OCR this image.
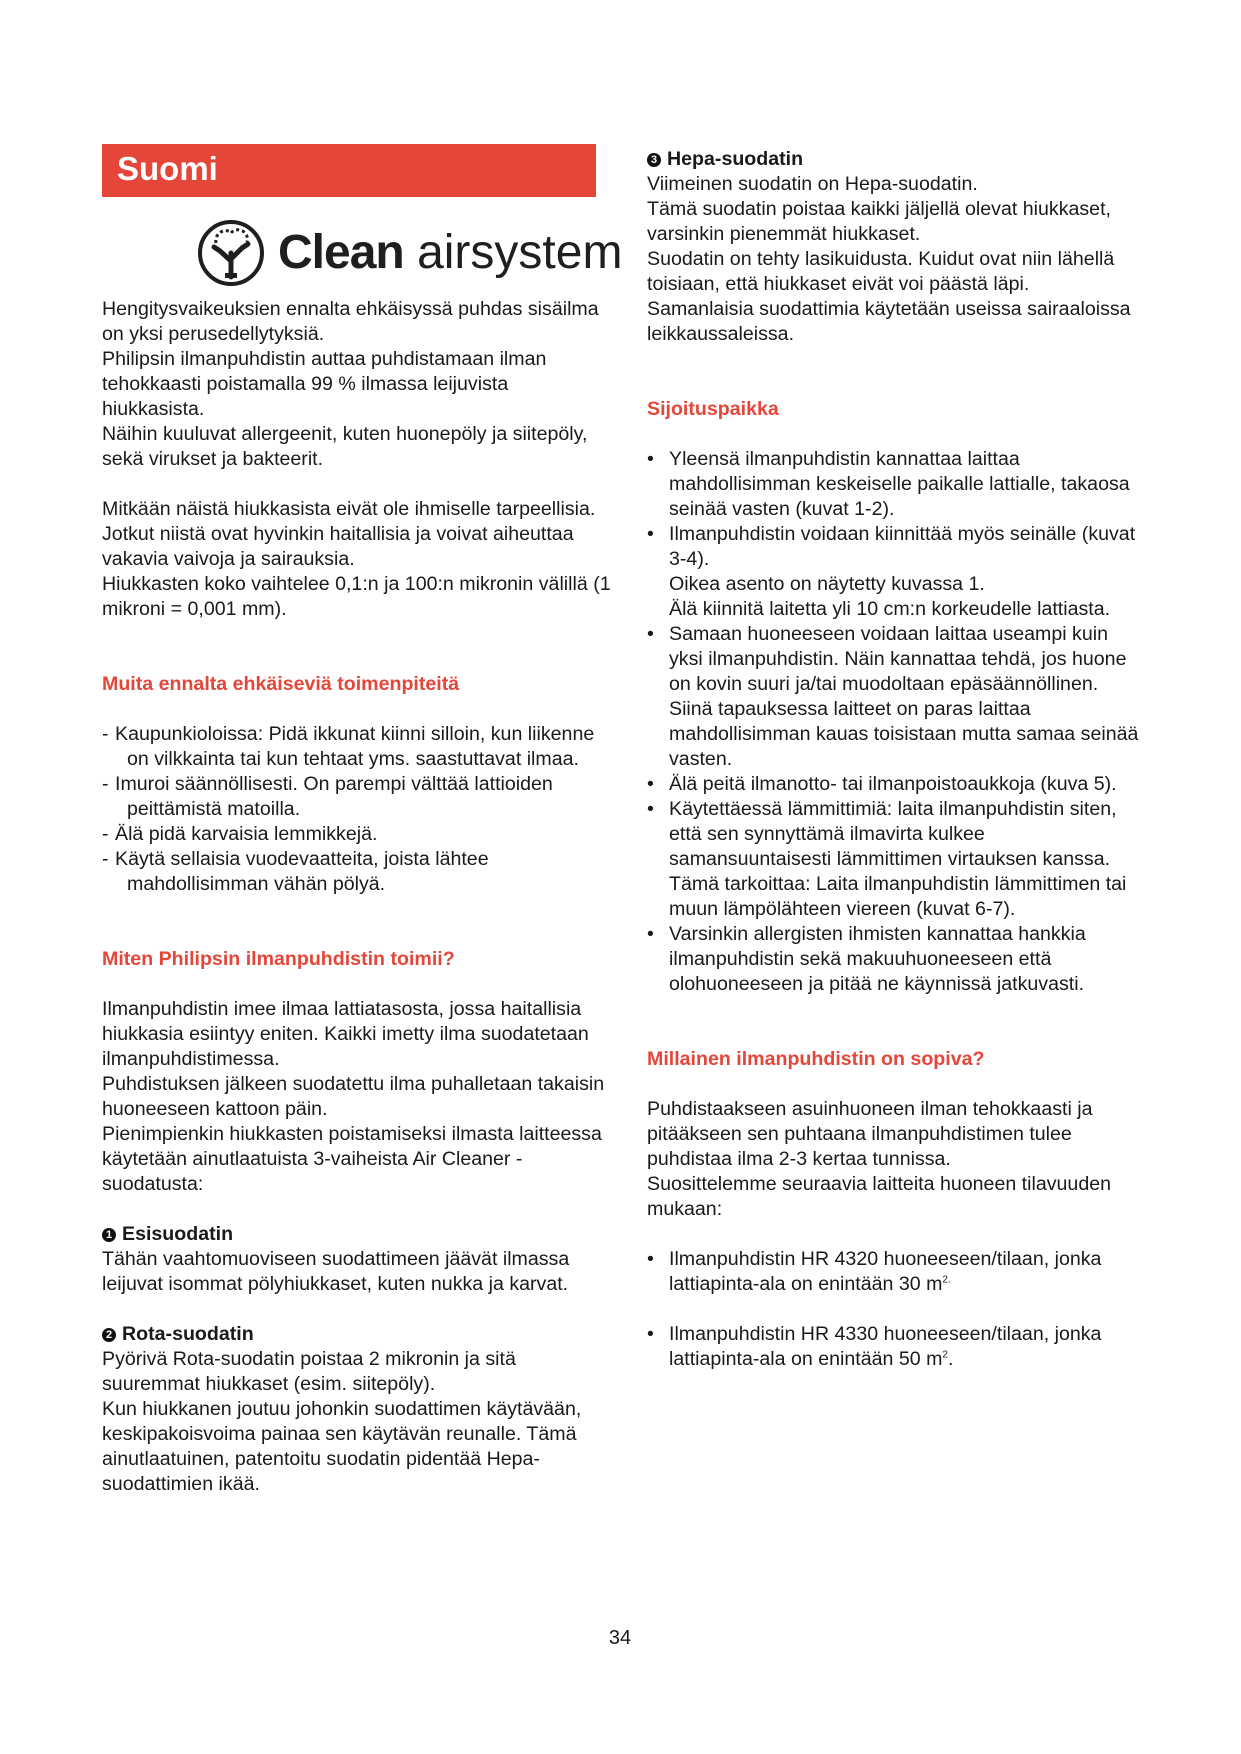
Suomi
Clean airsystem

Hengitysvaikeuksien ennalta ehkäisyssä puhdas sisäilma on yksi perusedellytyksiä.

Philipsin ilmanpuhdistin auttaa puhdistamaan ilman tehokkaasti poistamalla 99 % ilmassa leijuvista hiukkasista.

Näihin kuuluvat allergeenit, kuten huonepöly ja siitepöly, sekä virukset ja bakteerit.

Mitkään näistä hiukkasista eivät ole ihmiselle tarpeellisia.

Jotkut niistä ovat hyvinkin haitallisia ja voivat aiheuttaa vakavia vaivoja ja sairauksia.

Hiukkasten koko vaihtelee 0,1:n ja 100:n mikronin välillä (1 mikroni = 0,001 mm).

Muita ennalta ehkäiseviä toimenpiteitä

- Kaupunkioloissa: Pidä ikkunat kiinni silloin, kun liikenne on vilkkainta tai kun tehtaat yms. saastuttavat ilmaa.
- Imuroi säännöllisesti. On parempi välttää lattioiden peittämistä matoilla.
- Älä pidä karvaisia lemmikkejä.
- Käytä sellaisia vuodevaatteita, joista lähtee mahdollisimman vähän pölyä.

Miten Philipsin ilmanpuhdistin toimii?

Ilmanpuhdistin imee ilmaa lattiatasosta, jossa haitallisia hiukkasia esiintyy eniten. Kaikki imetty ilma suodatetaan ilmanpuhdistimessa.

Puhdistuksen jälkeen suodatettu ilma puhalletaan takaisin huoneeseen kattoon päin.

Pienimpienkin hiukkasten poistamiseksi ilmasta laitteessa käytetään ainutlaatuista 3-vaiheista Air Cleaner -suodatusta:

1 Esisuodatin

Tähän vaahtomuoviseen suodattimeen jäävät ilmassa leijuvat isommat pölyhiukkaset, kuten nukka ja karvat.

2 Rota-suodatin

Pyörivä Rota-suodatin poistaa 2 mikronin ja sitä suuremmat hiukkaset (esim. siitepöly).

Kun hiukkanen joutuu johonkin suodattimen käytävään, keskipakoisvoima painaa sen käytävän reunalle. Tämä ainutlaatuinen, patentoitu suodatin pidentää Hepa-suodattimien ikää.

3 Hepa-suodatin

Viimeinen suodatin on Hepa-suodatin.

Tämä suodatin poistaa kaikki jäljellä olevat hiukkaset, varsinkin pienemmät hiukkaset.

Suodatin on tehty lasikuidusta. Kuidut ovat niin lähellä toisiaan, että hiukkaset eivät voi päästä läpi.

Samanlaisia suodattimia käytetään useissa sairaaloissa leikkaussaleissa.

Sijoituspaikka

• Yleensä ilmanpuhdistin kannattaa laittaa mahdollisimman keskeiselle paikalle lattialle, takaosa seinää vasten (kuvat 1-2).
• Ilmanpuhdistin voidaan kiinnittää myös seinälle (kuvat 3-4).
Oikea asento on näytetty kuvassa 1.
Älä kiinnitä laitetta yli 10 cm:n korkeudelle lattiasta.
• Samaan huoneeseen voidaan laittaa useampi kuin yksi ilmanpuhdistin. Näin kannattaa tehdä, jos huone on kovin suuri ja/tai muodoltaan epäsäännöllinen.
Siinä tapauksessa laitteet on paras laittaa mahdollisimman kauas toisistaan mutta samaa seinää vasten.
• Älä peitä ilmanotto- tai ilmanpoistoaukkoja (kuva 5).
• Käytettäessä lämmittimiä: laita ilmanpuhdistin siten, että sen synnyttämä ilmavirta kulkee samansuuntaisesti lämmittimen virtauksen kanssa.
Tämä tarkoittaa: Laita ilmanpuhdistin lämmittimen tai muun lämpölähteen viereen (kuvat 6-7).
• Varsinkin allergisten ihmisten kannattaa hankkia ilmanpuhdistin sekä makuuhuoneeseen että olohuoneeseen ja pitää ne käynnissä jatkuvasti.

Millainen ilmanpuhdistin on sopiva?

Puhdistaakseen asuinhuoneen ilman tehokkaasti ja pitääkseen sen puhtaana ilmanpuhdistimen tulee puhdistaa ilma 2-3 kertaa tunnissa.

Suosittelemme seuraavia laitteita huoneen tilavuuden mukaan:

• Ilmanpuhdistin HR 4320 huoneeseen/tilaan, jonka lattiapinta-ala on enintään 30 $m^{2.}$
• Ilmanpuhdistin HR 4330 huoneeseen/tilaan, jonka lattiapinta-ala on enintään 50 $m^2$.
34
